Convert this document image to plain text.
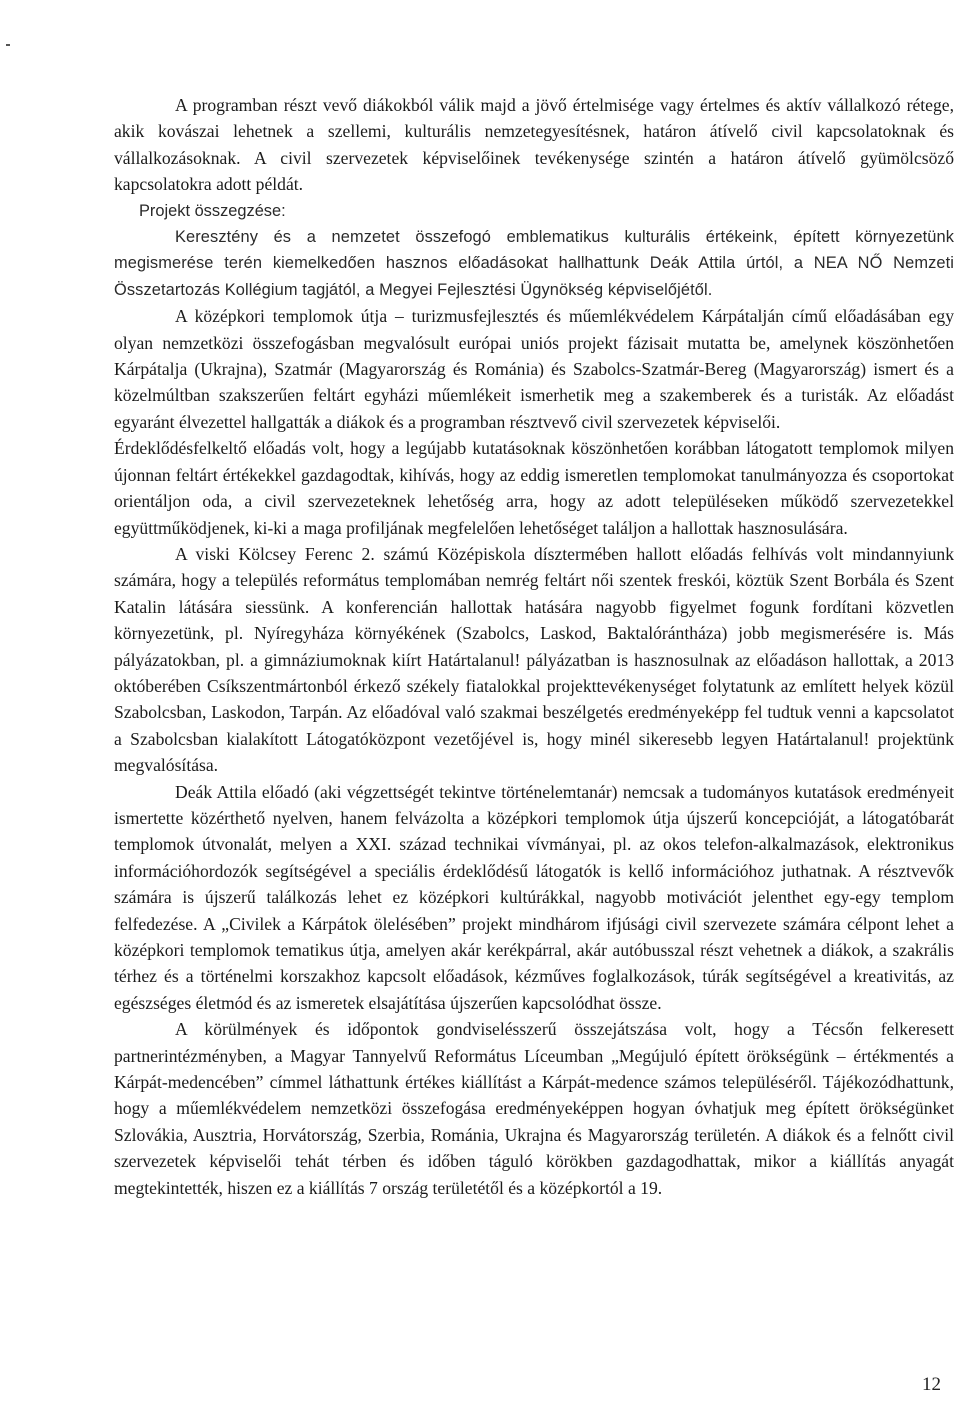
A programban részt vevő diákokból válik majd a jövő értelmisége vagy értelmes és aktív vállalkozó rétege, akik kovászai lehetnek a szellemi, kulturális nemzetegyesítésnek, határon átívelő civil kapcsolatoknak és vállalkozásoknak. A civil szervezetek képviselőinek tevékenysége szintén a határon átívelő gyümölcsöző kapcsolatokra adott példát.

Projekt összegzése:

Keresztény és a nemzetet összefogó emblematikus kulturális értékeink, épített környezetünk megismerése terén kiemelkedően hasznos előadásokat hallhattunk Deák Attila úrtól, a NEA NŐ Nemzeti Összetartozás Kollégium tagjától, a Megyei Fejlesztési Ügynökség képviselőjétől.

A középkori templomok útja – turizmusfejlesztés és műemlékvédelem Kárpátalján című előadásában egy olyan nemzetközi összefogásban megvalósult európai uniós projekt fázisait mutatta be, amelynek köszönhetően Kárpátalja (Ukrajna), Szatmár (Magyarország és Románia) és Szabolcs-Szatmár-Bereg (Magyarország) ismert és a közelmúltban szakszerűen feltárt egyházi műemlékeit ismerhetik meg a szakemberek és a turisták. Az előadást egyaránt élvezettel hallgatták a diákok és a programban résztvevő civil szervezetek képviselői.

Érdeklődésfelkeltő előadás volt, hogy a legújabb kutatásoknak köszönhetően korábban látogatott templomok milyen újonnan feltárt értékekkel gazdagodtak, kihívás, hogy az eddig ismeretlen templomokat tanulmányozza és csoportokat orientáljon oda, a civil szervezeteknek lehetőség arra, hogy az adott településeken működő szervezetekkel együttműködjenek, ki-ki a maga profiljának megfelelően lehetőséget találjon a hallottak hasznosulására.

A viski Kölcsey Ferenc 2. számú Középiskola dísztermében hallott előadás felhívás volt mindannyiunk számára, hogy a település református templomában nemrég feltárt női szentek freskói, köztük Szent Borbála és Szent Katalin látására siessünk. A konferencián hallottak hatására nagyobb figyelmet fogunk fordítani közvetlen környezetünk, pl. Nyíregyháza környékének (Szabolcs, Laskod, Baktalórántháza) jobb megismerésére is. Más pályázatokban, pl. a gimnáziumoknak kiírt Határtalanul! pályázatban is hasznosulnak az előadáson hallottak, a 2013 októberében Csíkszentmártonból érkező székely fiatalokkal projekttevékenységet folytatunk az említett helyek közül Szabolcsban, Laskodon, Tarpán. Az előadóval való szakmai beszélgetés eredményeképp fel tudtuk venni a kapcsolatot a Szabolcsban kialakított Látogatóközpont vezetőjével is, hogy minél sikeresebb legyen Határtalanul! projektünk megvalósítása.

Deák Attila előadó (aki végzettségét tekintve történelemtanár) nemcsak a tudományos kutatások eredményeit ismertette közérthető nyelven, hanem felvázolta a középkori templomok útja újszerű koncepcióját, a látogatóbarát templomok útvonalát, melyen a XXI. század technikai vívmányai, pl. az okos telefon-alkalmazások, elektronikus információhordozók segítségével a speciális érdeklődésű látogatók is kellő információhoz juthatnak. A résztvevők számára is újszerű találkozás lehet ez középkori kultúrákkal, nagyobb motivációt jelenthet egy-egy templom felfedezése. A „Civilek a Kárpátok ölelésében” projekt mindhárom ifjúsági civil szervezete számára célpont lehet a középkori templomok tematikus útja, amelyen akár kerékpárral, akár autóbusszal részt vehetnek a diákok, a szakrális térhez és a történelmi korszakhoz kapcsolt előadások, kézműves foglalkozások, túrák segítségével a kreativitás, az egészséges életmód és az ismeretek elsajátítása újszerűen kapcsolódhat össze.

A körülmények és időpontok gondviselésszerű összejátszása volt, hogy a Técsőn felkeresett partnerintézményben, a Magyar Tannyelvű Református Líceumban „Megújuló épített örökségünk – értékmentés a Kárpát-medencében” címmel láthattunk értékes kiállítást a Kárpát-medence számos településéről. Tájékozódhattunk, hogy a műemlékvédelem nemzetközi összefogása eredményeképpen hogyan óvhatjuk meg épített örökségünket Szlovákia, Ausztria, Horvátország, Szerbia, Románia, Ukrajna és Magyarország területén. A diákok és a felnőtt civil szervezetek képviselői tehát térben és időben táguló körökben gazdagodhattak, mikor a kiállítás anyagát megtekintették, hiszen ez a kiállítás 7 ország területétől és a középkortól a 19.

12
